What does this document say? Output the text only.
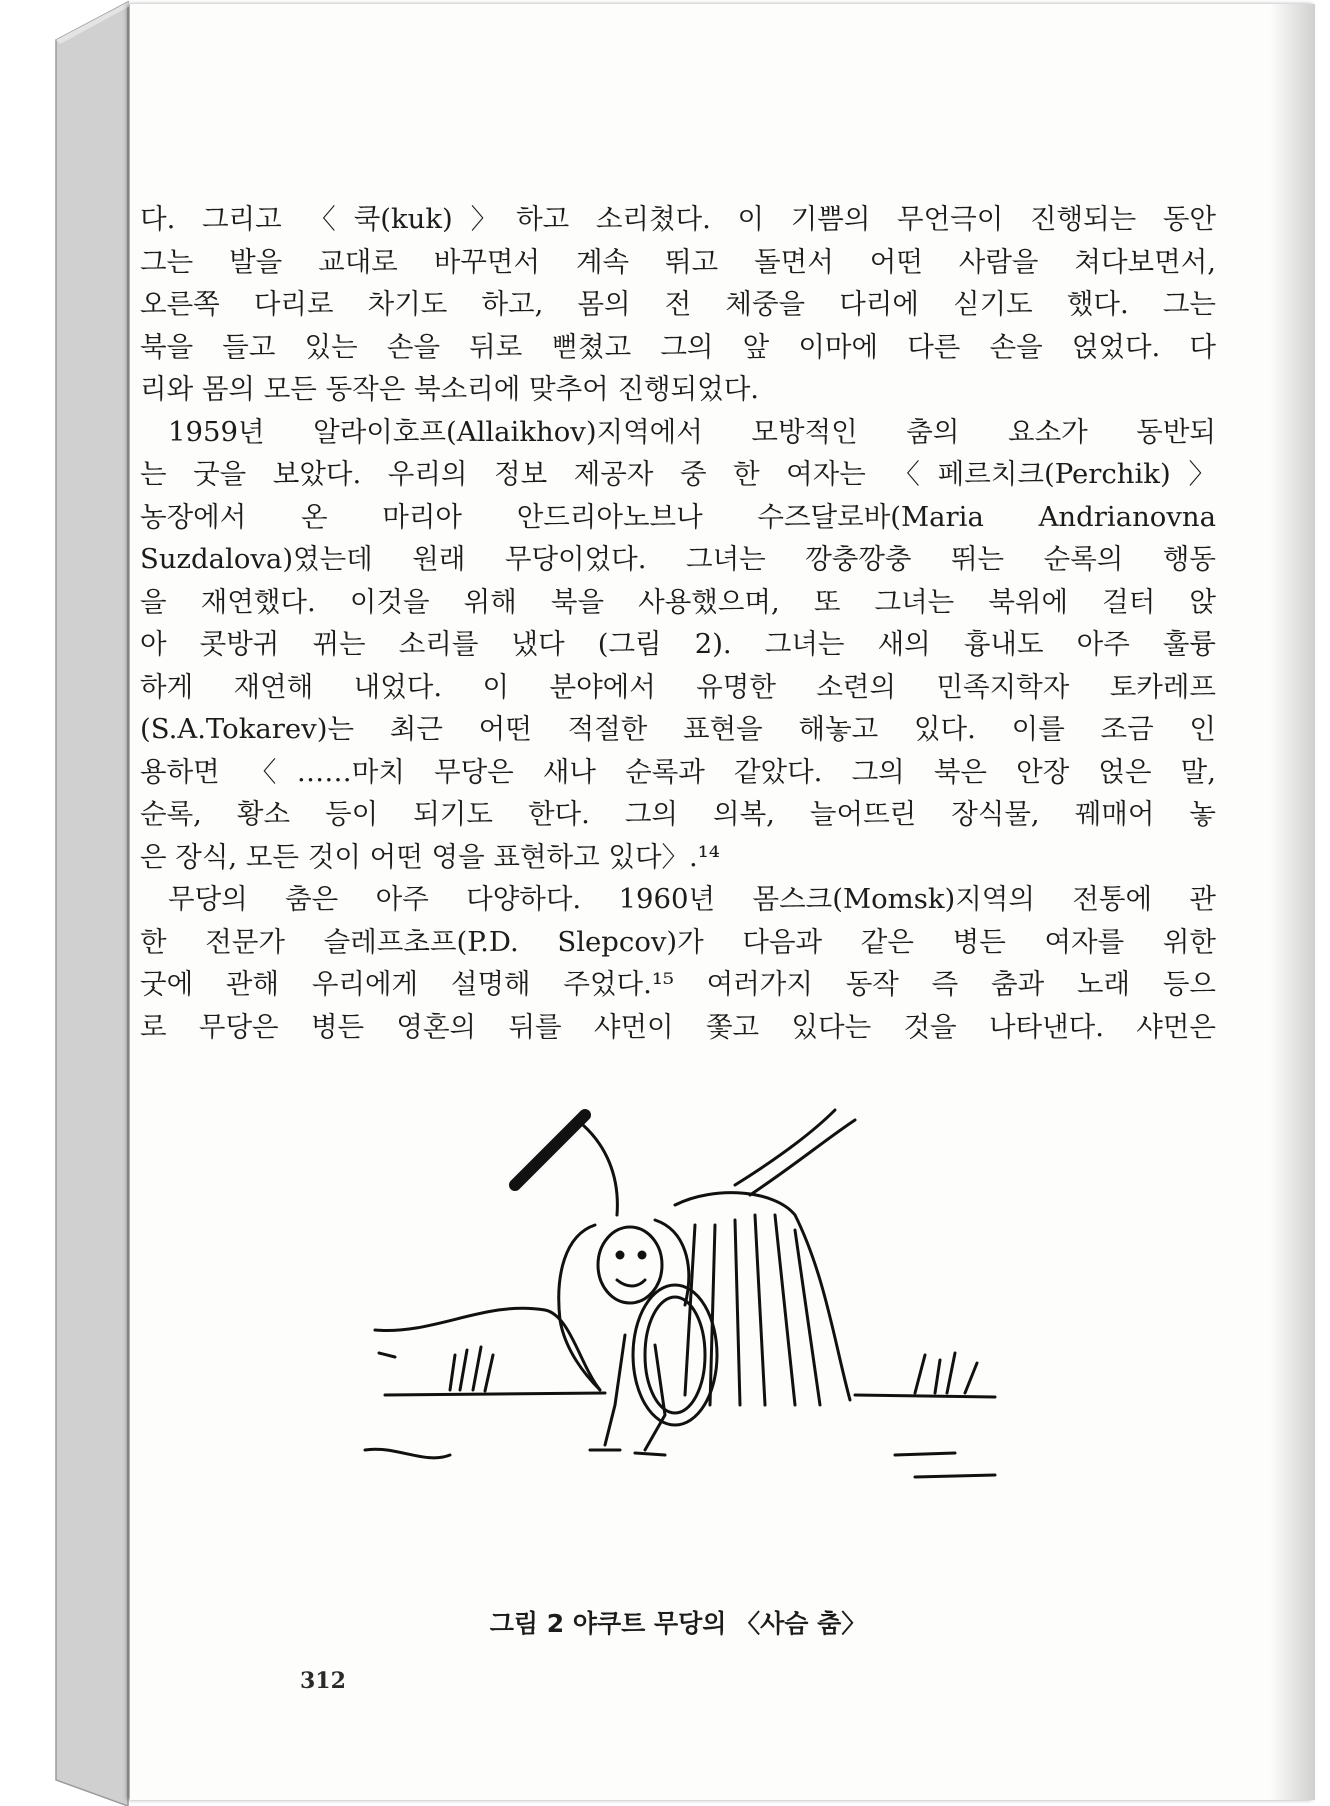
다. 그리고 〈쿡(kuk)〉하고 소리쳤다. 이 기쁨의 무언극이 진행되는 동안
그는 발을 교대로 바꾸면서 계속 뛰고 돌면서 어떤 사람을 쳐다보면서,
오른쪽 다리로 차기도 하고, 몸의 전 체중을 다리에 싣기도 했다. 그는
북을 들고 있는 손을 뒤로 뻗쳤고 그의 앞 이마에 다른 손을 얹었다. 다
리와 몸의 모든 동작은 북소리에 맞추어 진행되었다.
1959년 알라이호프(Allaikhov)지역에서 모방적인 춤의 요소가 동반되
는 굿을 보았다. 우리의 정보 제공자 중 한 여자는 〈페르치크(Perchik)〉
농장에서 온 마리아 안드리아노브나 수즈달로바(Maria Andrianovna
Suzdalova)였는데 원래 무당이었다. 그녀는 깡충깡충 뛰는 순록의 행동
을 재연했다. 이것을 위해 북을 사용했으며, 또 그녀는 북위에 걸터 앉
아 콧방귀 뀌는 소리를 냈다 (그림 2). 그녀는 새의 흉내도 아주 훌륭
하게 재연해 내었다. 이 분야에서 유명한 소련의 민족지학자 토카레프
(S.A.Tokarev)는 최근 어떤 적절한 표현을 해놓고 있다. 이를 조금 인
용하면 〈……마치 무당은 새나 순록과 같았다. 그의 북은 안장 얹은 말,
순록, 황소 등이 되기도 한다. 그의 의복, 늘어뜨린 장식물, 꿰매어 놓
은 장식, 모든 것이 어떤 영을 표현하고 있다〉.¹⁴
무당의 춤은 아주 다양하다. 1960년 몸스크(Momsk)지역의 전통에 관
한 전문가 슬레프초프(P.D. Slepcov)가 다음과 같은 병든 여자를 위한
굿에 관해 우리에게 설명해 주었다.¹⁵ 여러가지 동작 즉 춤과 노래 등으
로 무당은 병든 영혼의 뒤를 샤먼이 쫓고 있다는 것을 나타낸다. 샤먼은
그림 2 야쿠트 무당의 〈사슴 춤〉
312
